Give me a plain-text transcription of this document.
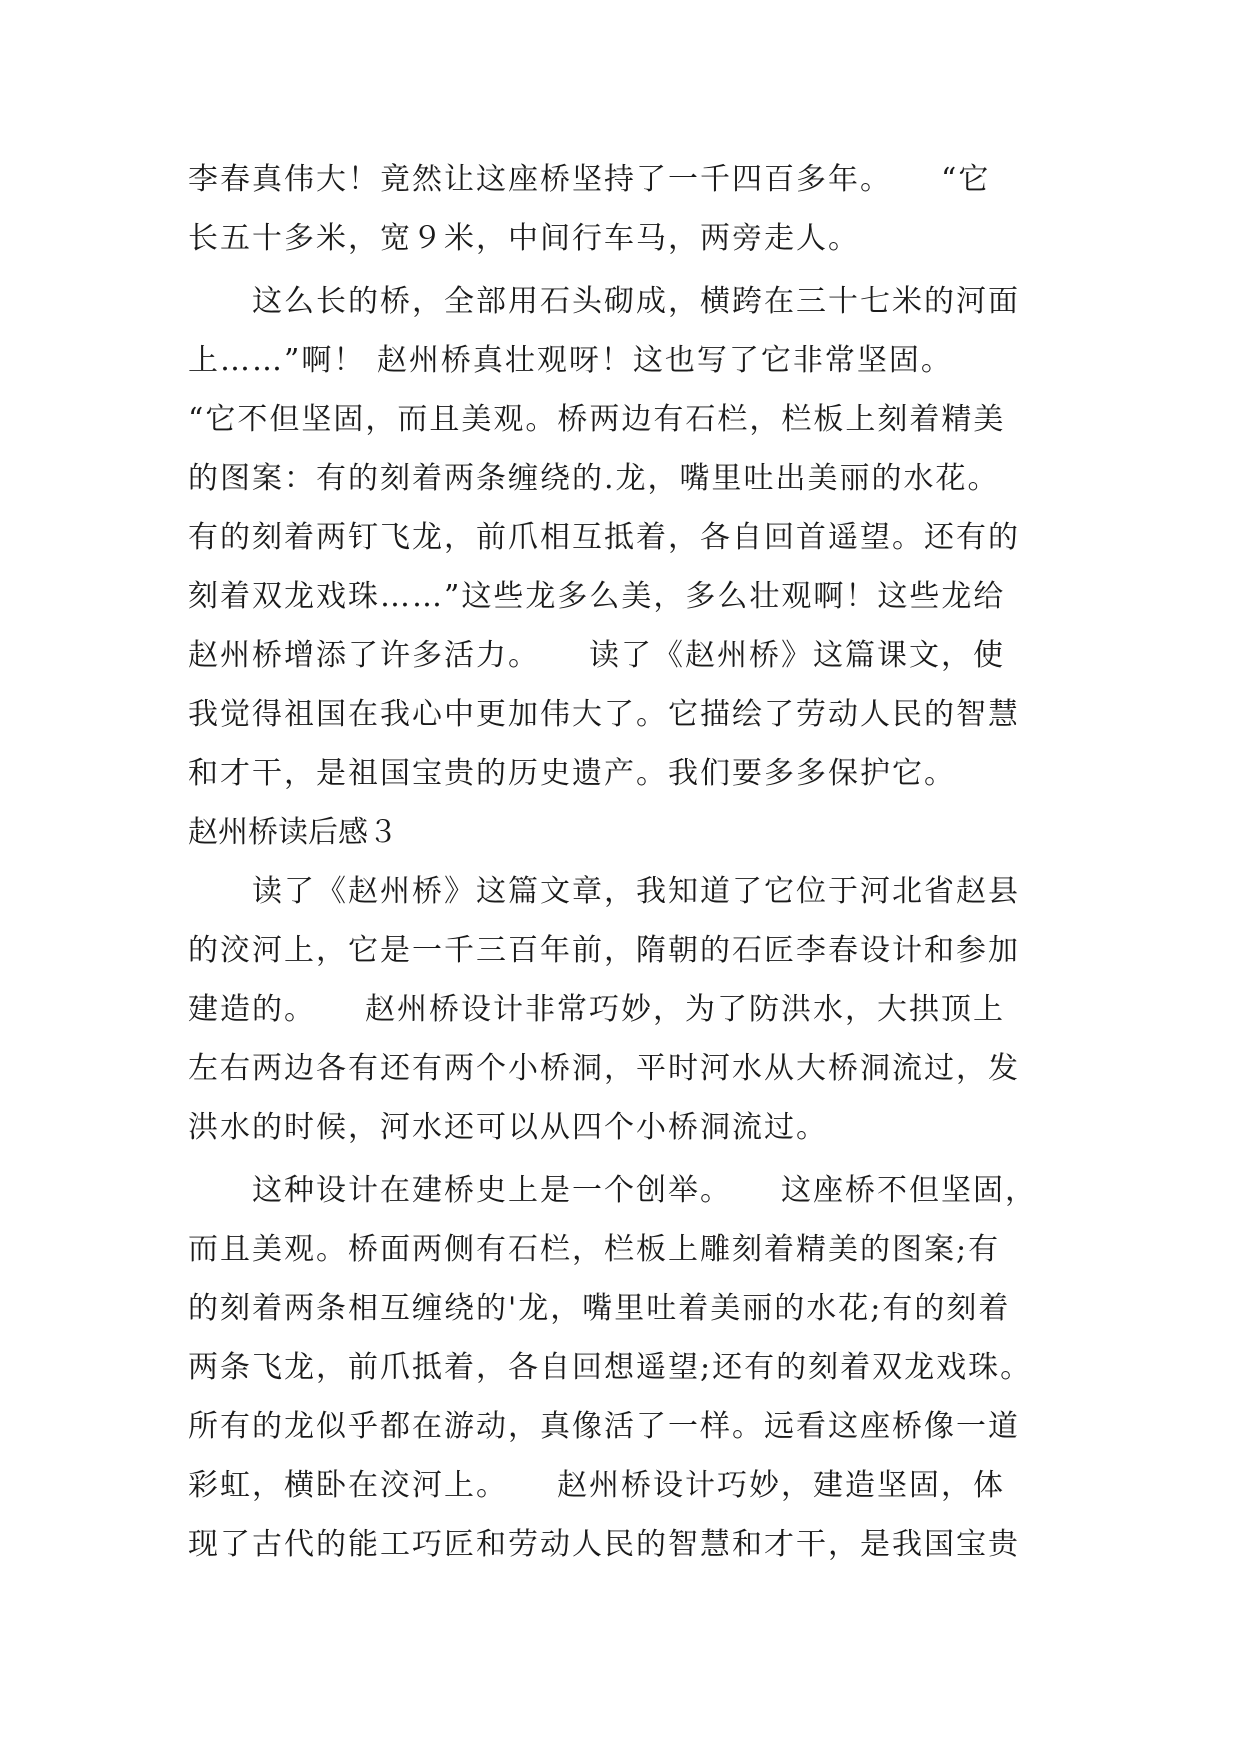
李春真伟大！竟然让这座桥坚持了一千四百多年。　　“它
长五十多米，宽９米，中间行车马，两旁走人。
　　这么长的桥，全部用石头砌成，横跨在三十七米的河面
上……”啊！ 赵州桥真壮观呀！这也写了它非常坚固。
“它不但坚固，而且美观。桥两边有石栏，栏板上刻着精美
的图案：有的刻着两条缠绕的.龙，嘴里吐出美丽的水花。
有的刻着两钉飞龙，前爪相互抵着，各自回首遥望。还有的
刻着双龙戏珠……”这些龙多么美，多么壮观啊！这些龙给
赵州桥增添了许多活力。　　读了《赵州桥》这篇课文，使
我觉得祖国在我心中更加伟大了。它描绘了劳动人民的智慧
和才干，是祖国宝贵的历史遗产。我们要多多保护它。
赵州桥读后感３
　　读了《赵州桥》这篇文章，我知道了它位于河北省赵县
的洨河上，它是一千三百年前，隋朝的石匠李春设计和参加
建造的。　　赵州桥设计非常巧妙，为了防洪水，大拱顶上
左右两边各有还有两个小桥洞，平时河水从大桥洞流过，发
洪水的时候，河水还可以从四个小桥洞流过。
　　这种设计在建桥史上是一个创举。　　这座桥不但坚固，
而且美观。桥面两侧有石栏，栏板上雕刻着精美的图案;有
的刻着两条相互缠绕的'龙，嘴里吐着美丽的水花;有的刻着
两条飞龙，前爪抵着，各自回想遥望;还有的刻着双龙戏珠。
所有的龙似乎都在游动，真像活了一样。远看这座桥像一道
彩虹，横卧在洨河上。　　赵州桥设计巧妙，建造坚固，体
现了古代的能工巧匠和劳动人民的智慧和才干，是我国宝贵
